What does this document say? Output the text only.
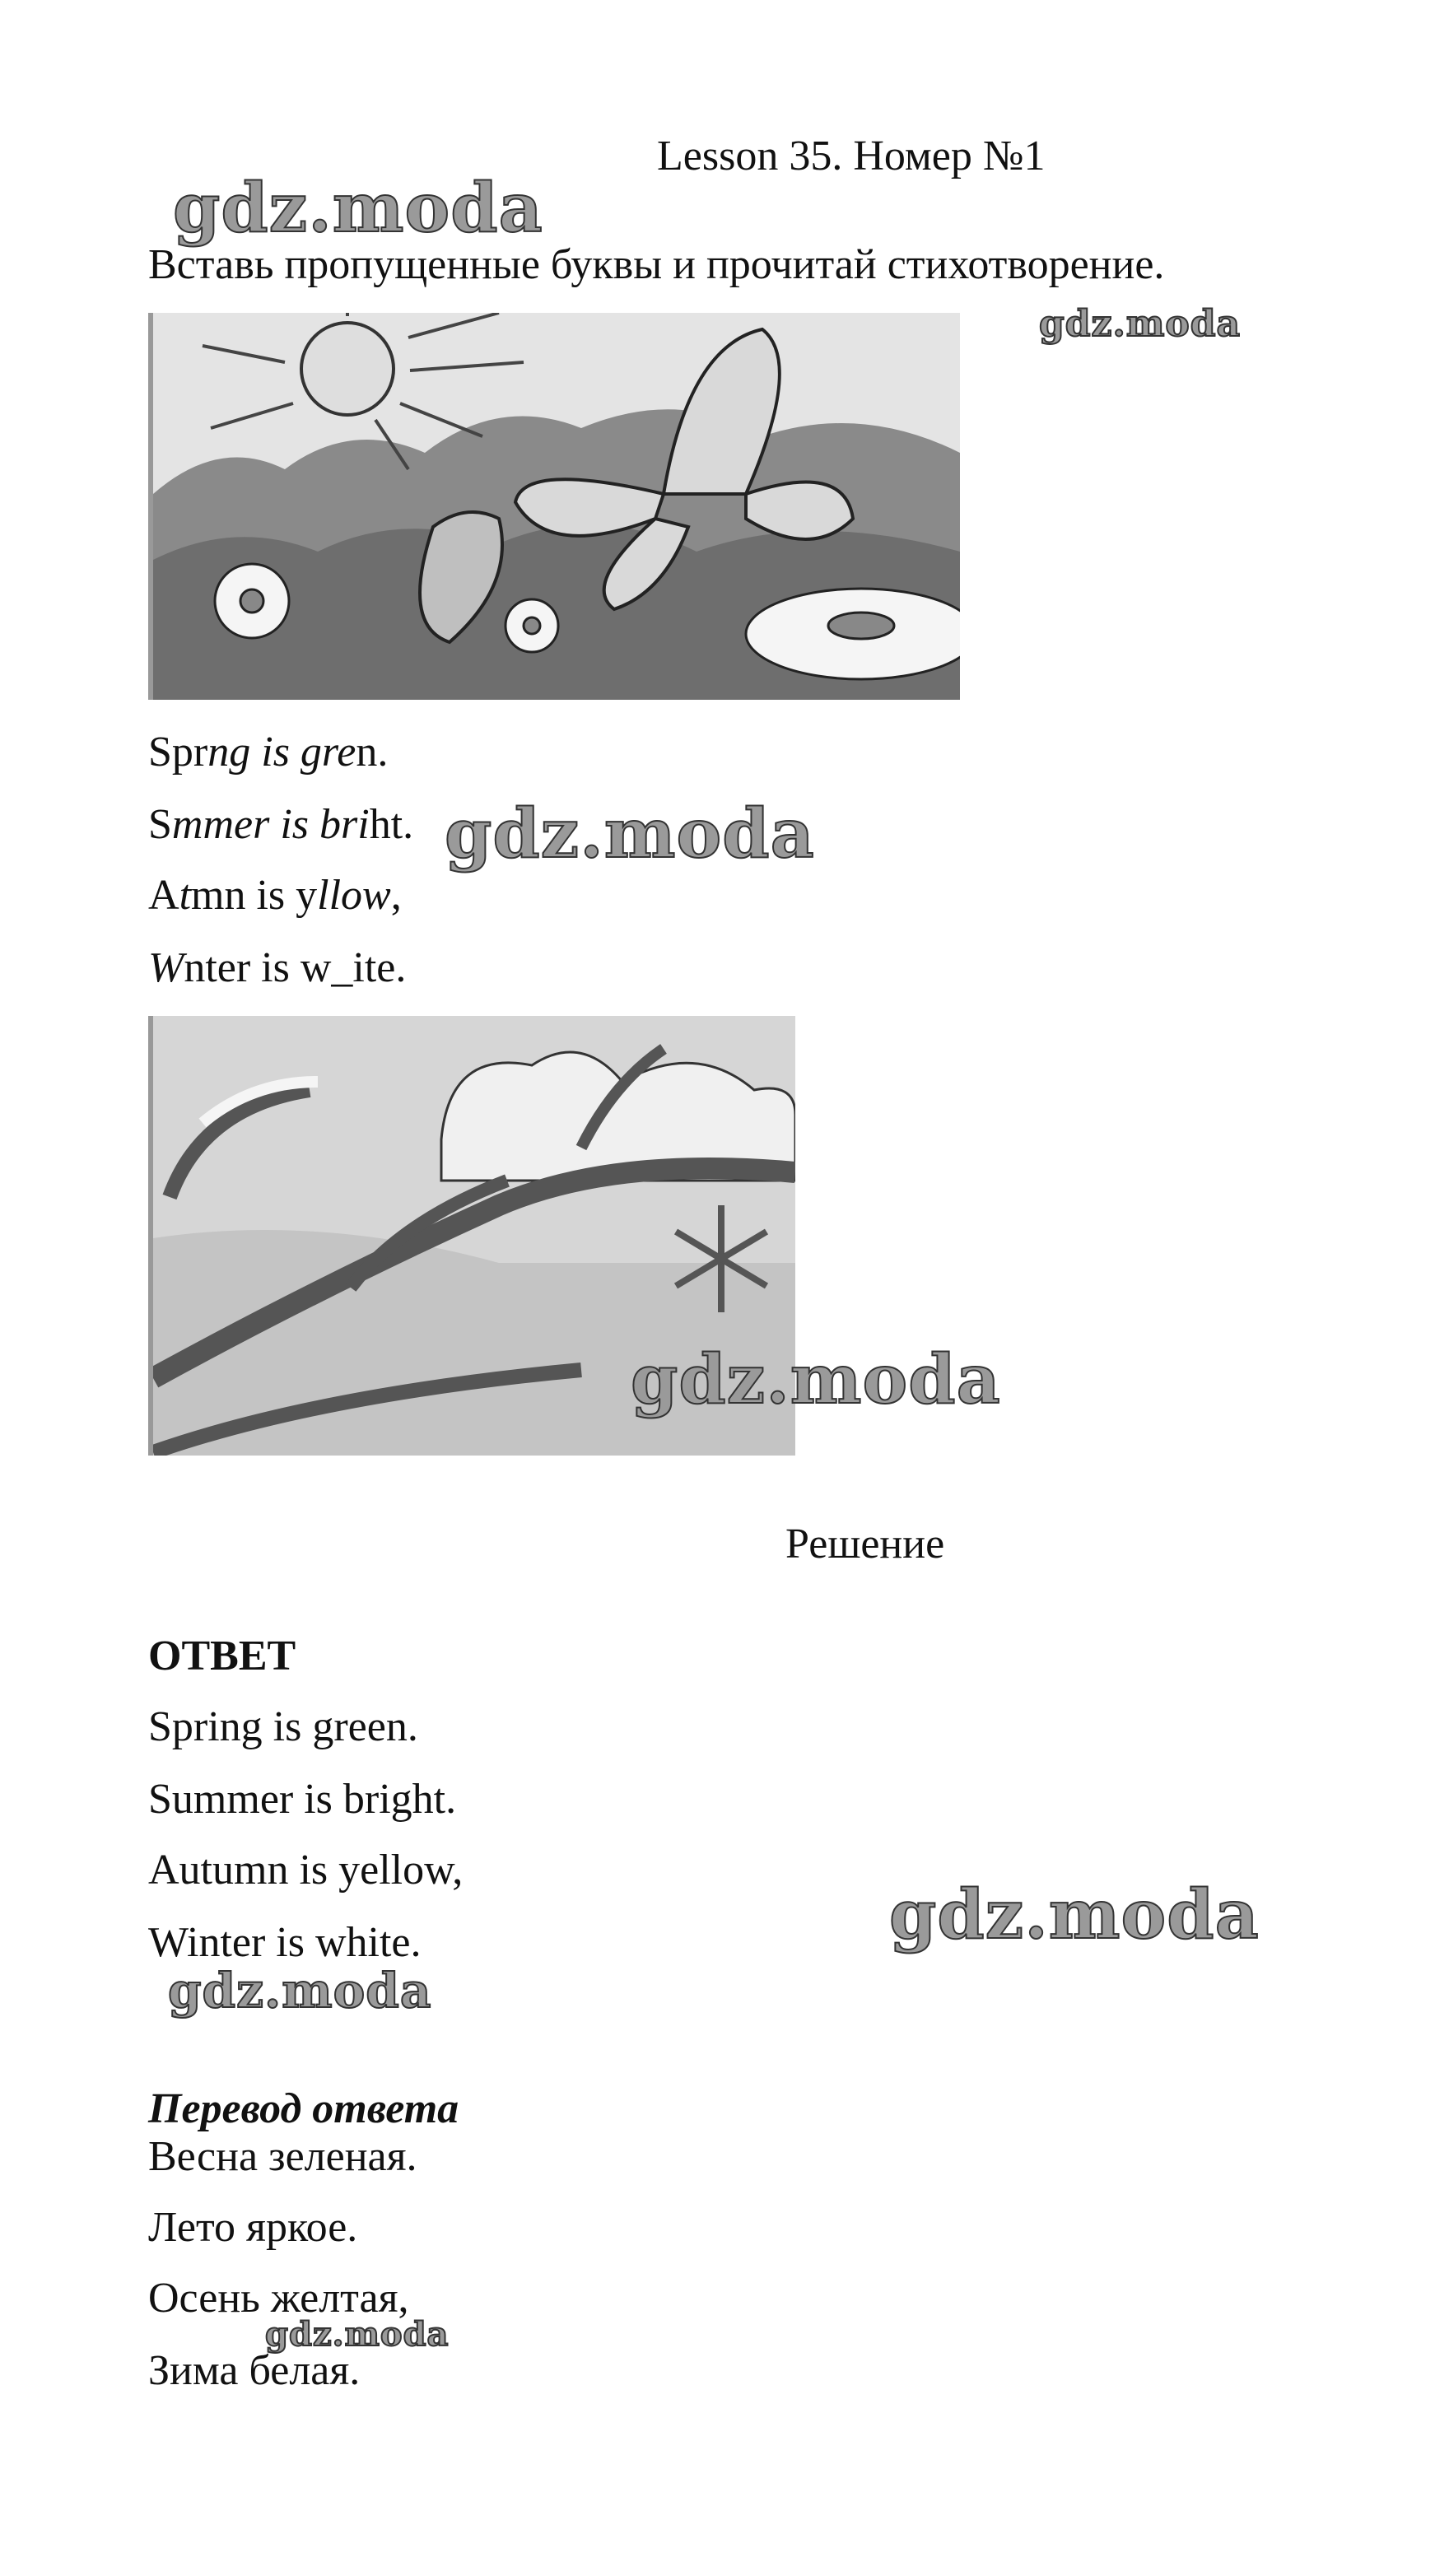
Lesson 35. Номер №1
Вставь пропущенные буквы и прочитай стихотворение.
gdz.moda
gdz.moda
Sprng is gren.
Smmer is briht.
Atmn is yllow,
Wnter is w_ite.
gdz.moda
gdz.moda
Решение
ОТВЕТ
Spring is green.
Summer is bright.
Autumn is yellow,
Winter is white.	gdz.moda
gdz.moda
Перевод ответа
Весна зеленая.
Лето яркое.
Осень желтая,
Зима белая.
gdz.moda
